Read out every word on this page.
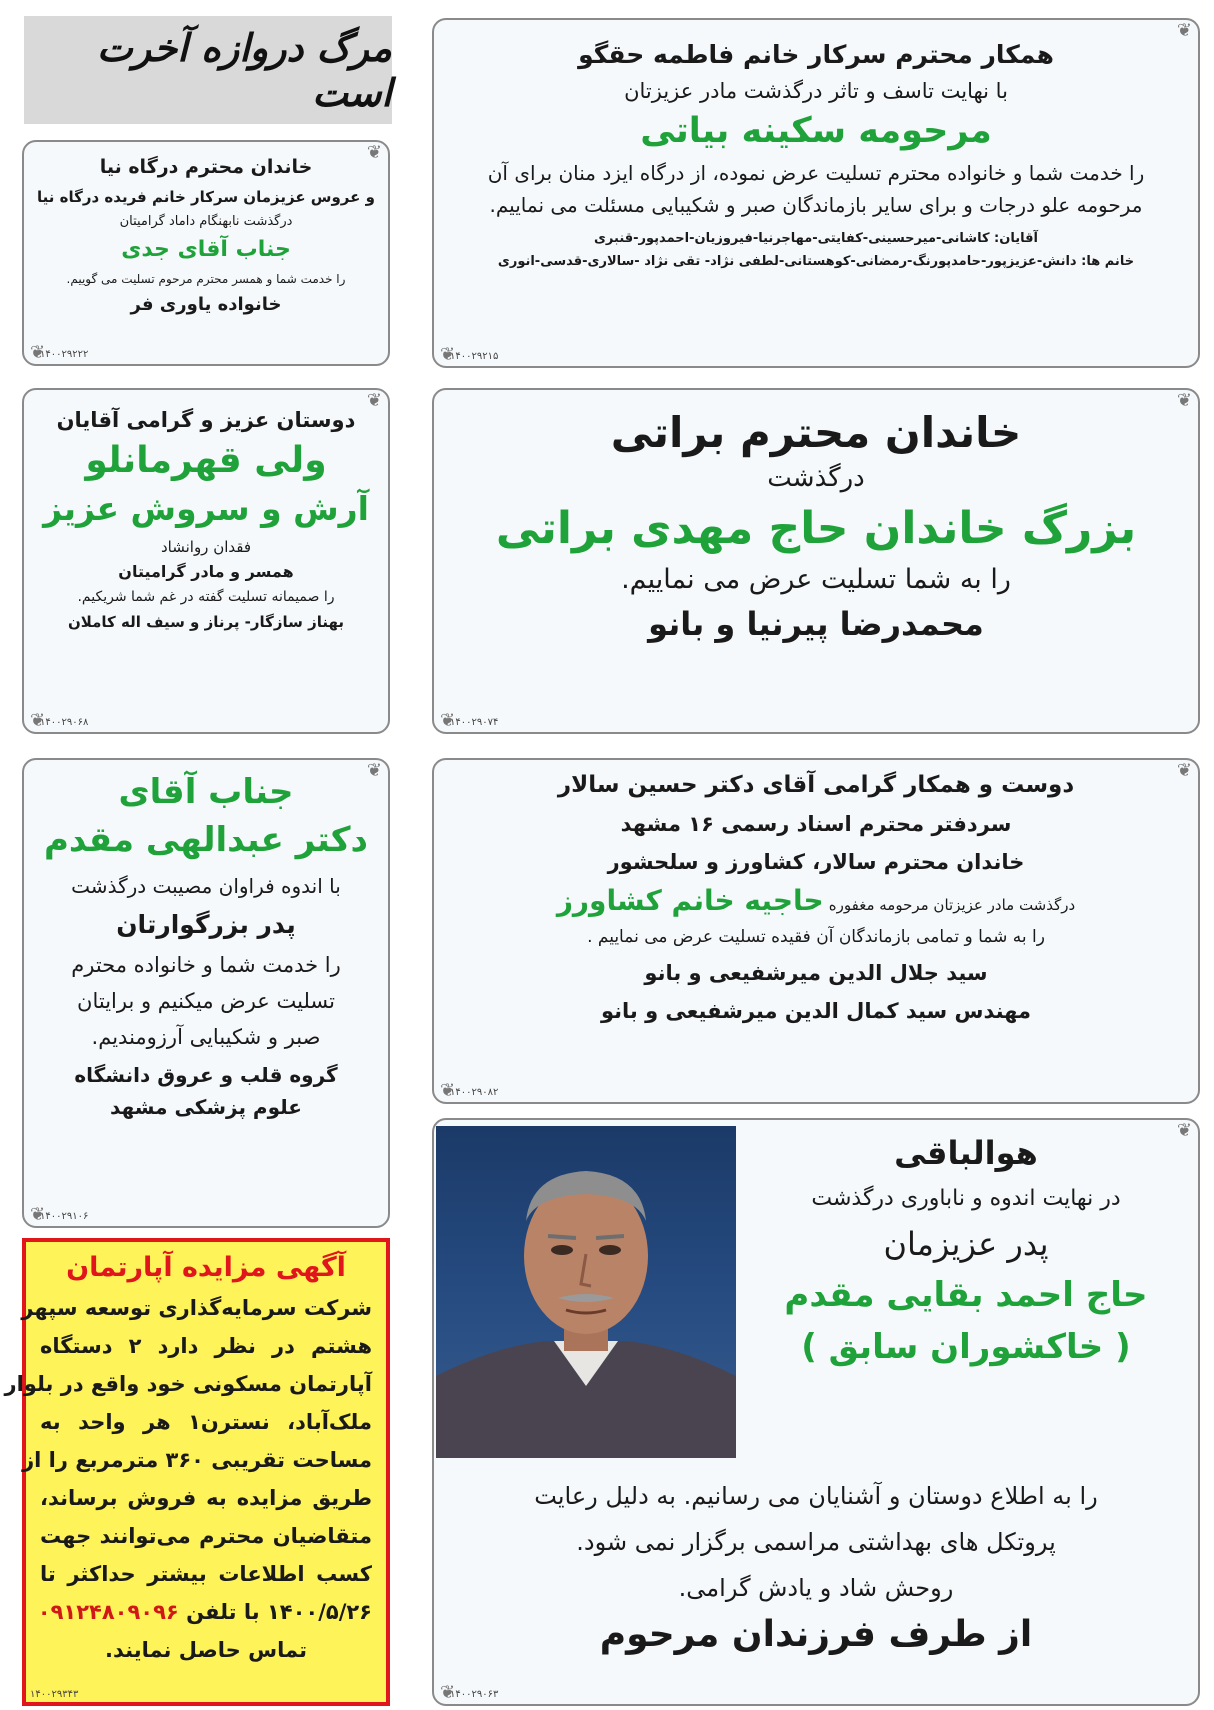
مرگ دروازه آخرت است
❦
❦
همکار محترم سرکار خانم فاطمه حقگو
با نهایت تاسف و تاثر درگذشت مادر عزیزتان
مرحومه سکینه بیاتی
را خدمت شما و خانواده محترم تسلیت عرض نموده، از درگاه ایزد منان برای آن
مرحومه علو درجات و برای سایر بازماندگان صبر و شکیبایی مسئلت می نماییم.
آقایان: کاشانی-میرحسینی-کفایتی-مهاجرنیا-فیروزیان-احمدپور-قنبری
خانم ها: دانش-عزیزپور-حامدپورنگ-رمضانی-کوهستانی-لطفی نژاد- تقی نژاد -سالاری-قدسی-انوری
۱۴۰۰۲۹۲۱۵
❦
❦
خاندان محترم درگاه نیا
و عروس عزیزمان سرکار خانم فریده درگاه نیا
درگذشت نابهنگام داماد گرامیتان
جناب آقای جدی
را خدمت شما و همسر محترم مرحوم تسلیت می گوییم.
خانواده یاوری فر
۱۴۰۰۲۹۲۲۲
❦
❦
خاندان محترم براتی
درگذشت
بزرگ خاندان حاج مهدی براتی
را به شما تسلیت عرض می نماییم.
محمدرضا پیرنیا و بانو
۱۴۰۰۲۹۰۷۴
❦
❦
دوستان عزیز و گرامی آقایان
ولی قهرمانلو
آرش و سروش عزیز
فقدان روانشاد
همسر و مادر گرامیتان
را صمیمانه تسلیت گفته در غم شما شریکیم.
بهناز سازگار- پرناز و سیف اله کاملان
۱۴۰۰۲۹۰۶۸
❦
❦
دوست و همکار گرامی آقای دکتر حسین سالار
سردفتر محترم اسناد رسمی ۱۶ مشهد
خاندان محترم سالار، کشاورز و سلحشور
درگذشت مادر عزیزتان مرحومه مغفوره حاجیه خانم کشاورز
را به شما و تمامی بازماندگان آن فقیده تسلیت عرض می نماییم .
سید جلال الدین میرشفیعی و بانو
مهندس سید کمال الدین میرشفیعی و بانو
۱۴۰۰۲۹۰۸۲
❦
❦
جناب آقای
دکتر عبدالهی مقدم
با اندوه فراوان مصیبت درگذشت
پدر بزرگوارتان
را خدمت شما و خانواده محترم
تسلیت عرض میکنیم و برایتان
صبر و شکیبایی آرزومندیم.
گروه قلب و عروق دانشگاه
علوم پزشکی مشهد
۱۴۰۰۲۹۱۰۶
❦
❦
هوالباقی
در نهایت اندوه و ناباوری درگذشت
پدر عزیزمان
حاج احمد بقایی مقدم
( خاکشوران سابق )
را به اطلاع دوستان و آشنایان می رسانیم. به دلیل رعایت
پروتکل های بهداشتی مراسمی برگزار نمی شود.
روحش شاد و یادش گرامی.
از طرف فرزندان مرحوم
۱۴۰۰۲۹۰۶۳
آگهی مزایده آپارتمان
شرکت سرمایه‌گذاری توسعه سپهر
هشتم در نظر دارد ۲ دستگاه
آپارتمان مسکونی خود واقع در بلوار
ملک‌آباد، نسترن۱ هر واحد به
مساحت تقریبی ۳۶۰ مترمربع را از
طریق مزایده به فروش برساند،
متقاضیان محترم می‌توانند جهت
کسب اطلاعات بیشتر حداکثر تا
۱۴۰۰/۵/۲۶ با تلفن ۰۹۱۲۴۸۰۹۰۹۶
تماس حاصل نمایند.
۱۴۰۰۲۹۳۴۳
